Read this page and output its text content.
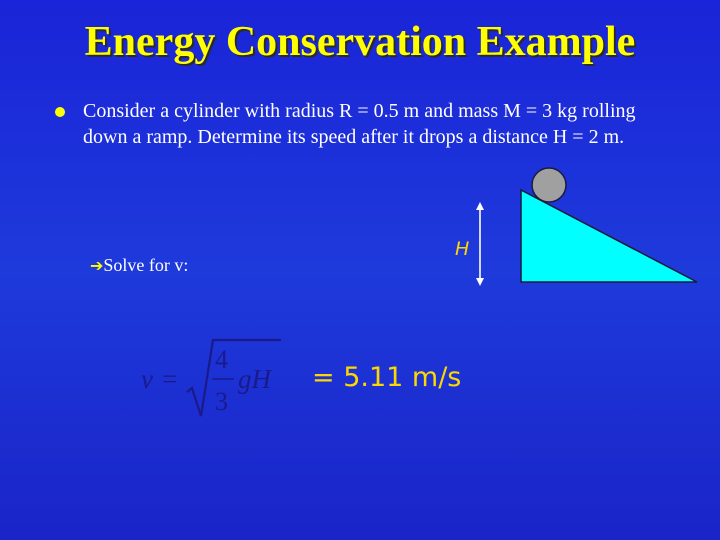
Energy Conservation Example
Consider a cylinder with radius R = 0.5 m and mass M = 3 kg rolling down a ramp. Determine its speed after it drops a distance H = 2 m.
➔Solve for v:
v =
4
3
gH = 5.11 m/s
H
